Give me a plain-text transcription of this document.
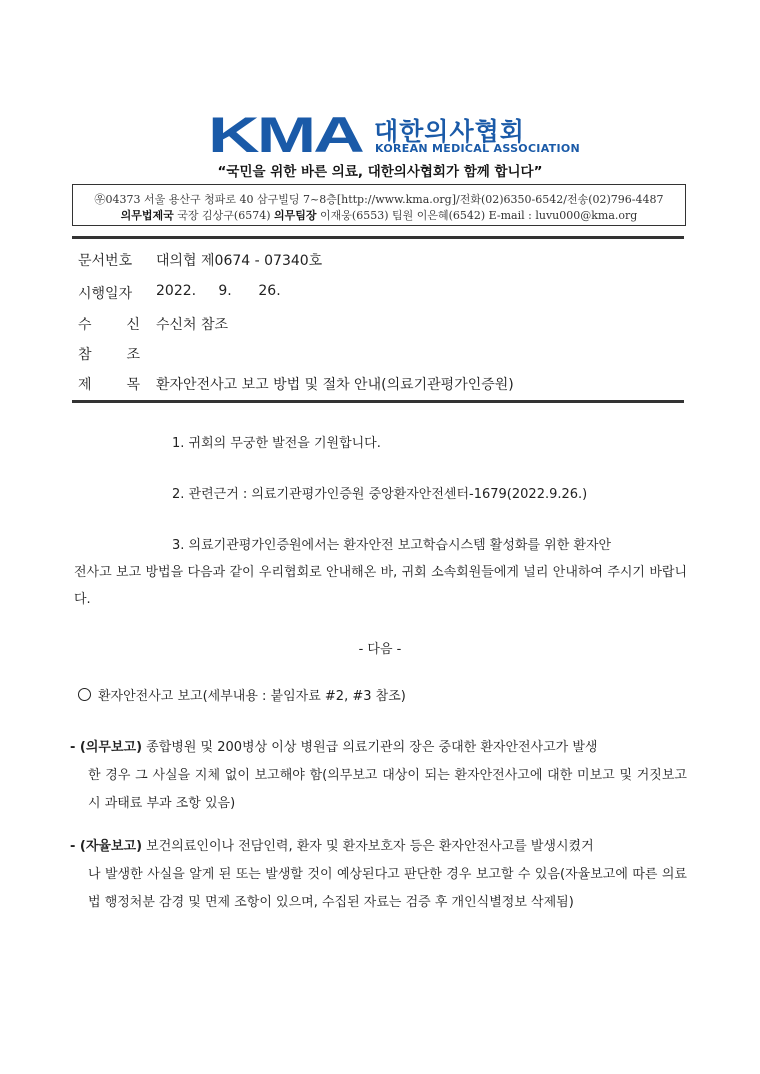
KMA 대한의사협회
KOREAN MEDICAL ASSOCIATION
“국민을 위한 바른 의료, 대한의사협회가 함께 합니다”
㉾04373 서울 용산구 청파로 40 삼구빌딩 7~8층[http://www.kma.org]/전화(02)6350-6542/전송(02)796-4487
의무법제국 국장 김상구(6574) 의무팀장 이재웅(6553) 팀원 이은혜(6542) E-mail : luvu000@kma.org
문서번호	대의협 제0674 - 07340호
시행일자	2022.     9.      26.
수 신 수신처 참조
참 조
제 목 환자안전사고 보고 방법 및 절차 안내(의료기관평가인증원)
1. 귀회의 무궁한 발전을 기원합니다.
2. 관련근거 : 의료기관평가인증원 중앙환자안전센터-1679(2022.9.26.)
3. 의료기관평가인증원에서는 환자안전 보고학습시스템 활성화를 위한 환자안
전사고 보고 방법을 다음과 같이 우리협회로 안내해온 바, 귀회 소속회원들에게 널리 안내하여 주시기 바랍니다.
- 다음 -
환자안전사고 보고(세부내용 : 붙임자료 #2, #3 참조)
- (의무보고) 종합병원 및 200병상 이상 병원급 의료기관의 장은 중대한 환자안전사고가 발생
한 경우 그 사실을 지체 없이 보고해야 함(의무보고 대상이 되는 환자안전사고에 대한 미보고 및 거짓보고 시 과태료 부과 조항 있음)
- (자율보고) 보건의료인이나 전담인력, 환자 및 환자보호자 등은 환자안전사고를 발생시켰거
나 발생한 사실을 알게 된 또는 발생할 것이 예상된다고 판단한 경우 보고할 수 있음(자율보고에 따른 의료법 행정처분 감경 및 면제 조항이 있으며, 수집된 자료는 검증 후 개인식별정보 삭제됨)
